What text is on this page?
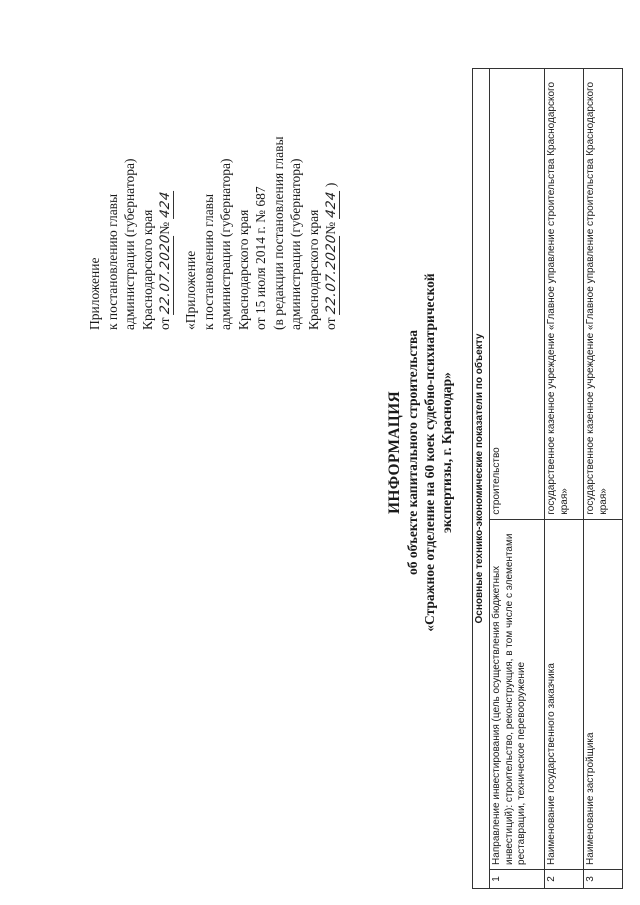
Приложение к постановлению главы администрации (губернатора) Краснодарского края от 22.07.2020№ 424
«Приложение к постановлению главы администрации (губернатора) Краснодарского края от 15 июля 2014 г. № 687 (в редакции постановления главы администрации (губернатора) Краснодарского края от 22.07.2020№ 424 )
ИНФОРМАЦИЯ об объекте капитального строительства «Стражное отделение на 60 коек судебно-психиатрической экспертизы, г. Краснодар» Основные технико-экономические показатели по объекту		
1	Направление инвестирования (цель осуществления бюджетных инвестиций): строительство, реконструкция, в том числе с элементами реставрации, техническое перевооружение	строительство
2	Наименование государственного заказчика	государственное казенное учреждение «Главное управление строительства Краснодарского края»
3	Наименование застройщика	государственное казенное учреждение «Главное управление строительства Краснодарского края»
